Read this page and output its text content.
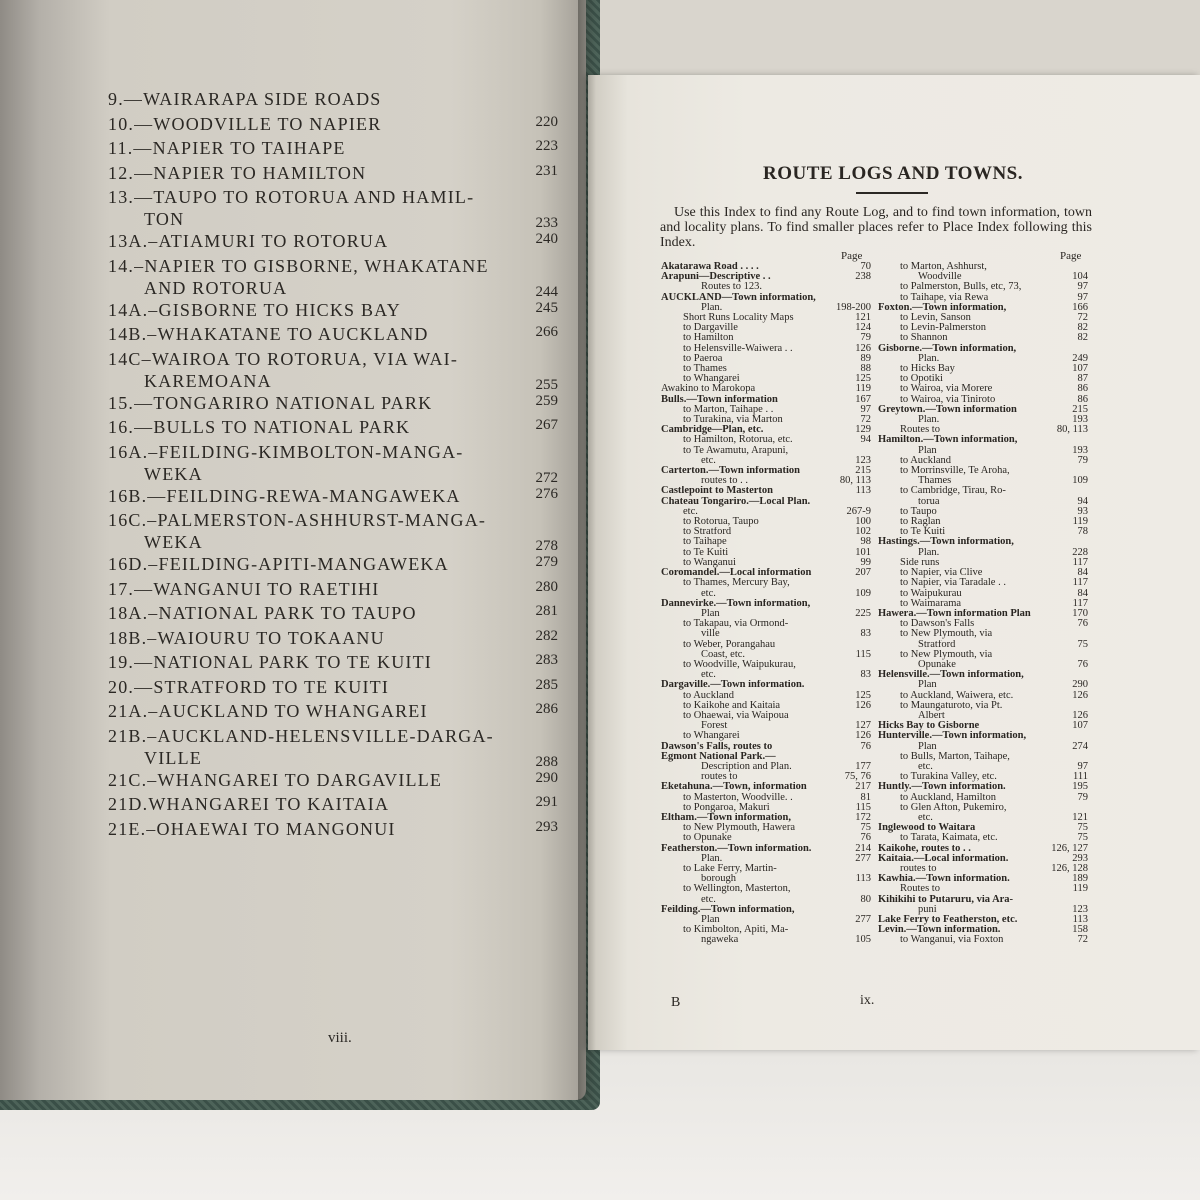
9.—WAIRARAPA SIDE ROADS
10.—WOODVILLE TO NAPIER	220
11.—NAPIER TO TAIHAPE	223
12.—NAPIER TO HAMILTON	231
13.—TAUPO TO ROTORUA AND HAMIL-
TON	233
13A.–ATIAMURI TO ROTORUA	240
14.–NAPIER TO GISBORNE, WHAKATANE
AND ROTORUA	244
14A.–GISBORNE TO HICKS BAY	245
14B.–WHAKATANE TO AUCKLAND	266
14C–WAIROA TO ROTORUA, VIA WAI-
KAREMOANA	255
15.—TONGARIRO NATIONAL PARK	259
16.—BULLS TO NATIONAL PARK	267
16A.–FEILDING-KIMBOLTON-MANGA-
WEKA	272
16B.—FEILDING-REWA-MANGAWEKA	276
16C.–PALMERSTON-ASHHURST-MANGA-
WEKA	278
16D.–FEILDING-APITI-MANGAWEKA	279
17.—WANGANUI TO RAETIHI	280
18A.–NATIONAL PARK TO TAUPO	281
18B.–WAIOURU TO TOKAANU	282
19.—NATIONAL PARK TO TE KUITI	283
20.—STRATFORD TO TE KUITI	285
21A.–AUCKLAND TO WHANGAREI	286
21B.–AUCKLAND-HELENSVILLE-DARGA-
VILLE	288
21C.–WHANGAREI TO DARGAVILLE	290
21D.WHANGAREI TO KAITAIA	291
21E.–OHAEWAI TO MANGONUI	293
viii.
ROUTE LOGS AND TOWNS.
Use this Index to find any Route Log, and to find town information, town and locality plans. To find smaller places refer to Place Index following this Index.
Page	Page
Akatarawa Road . . . .	70
Arapuni—Descriptive . .	238
Routes to 123.
AUCKLAND—Town information,
Plan.	198-200
Short Runs Locality Maps	121
to Dargaville	124
to Hamilton	79
to Helensville-Waiwera . .	126
to Paeroa	89
to Thames	88
to Whangarei	125
Awakino to Marokopa	119
Bulls.—Town information	167
to Marton, Taihape . .	97
to Turakina, via Marton	72
Cambridge—Plan, etc.	129
to Hamilton, Rotorua, etc.	94
to Te Awamutu, Arapuni,
etc.	123
Carterton.—Town information	215
routes to . .	80, 113
Castlepoint to Masterton	113
Chateau Tongariro.—Local Plan.
etc.	267-9
to Rotorua, Taupo	100
to Stratford	102
to Taihape	98
to Te Kuiti	101
to Wanganui	99
Coromandel.—Local information	207
to Thames, Mercury Bay,
etc.	109
Dannevirke.—Town information,
Plan	225
to Takapau, via Ormond-
ville	83
to Weber, Porangahau
Coast, etc.	115
to Woodville, Waipukurau,
etc.	83
Dargaville.—Town information.
to Auckland	125
to Kaikohe and Kaitaia	126
to Ohaewai, via Waipoua
Forest	127
to Whangarei	126
Dawson's Falls, routes to	76
Egmont National Park.—
Description and Plan.	177
routes to	75, 76
Eketahuna.—Town, information	217
to Masterton, Woodville. .	81
to Pongaroa, Makuri	115
Eltham.—Town information,	172
to New Plymouth, Hawera	75
to Opunake	76
Featherston.—Town information.	214
Plan.	277
to Lake Ferry, Martin-
borough	113
to Wellington, Masterton,
etc.	80
Feilding.—Town information,
Plan	277
to Kimbolton, Apiti, Ma-
ngaweka	105
to Marton, Ashhurst,
Woodville	104
to Palmerston, Bulls, etc, 73,	97
to Taihape, via Rewa	97
Foxton.—Town information,	166
to Levin, Sanson	72
to Levin-Palmerston	82
to Shannon	82
Gisborne.—Town information,
Plan.	249
to Hicks Bay	107
to Opotiki	87
to Wairoa, via Morere	86
to Wairoa, via Tiniroto	86
Greytown.—Town information	215
Plan.	193
Routes to	80, 113
Hamilton.—Town information,
Plan	193
to Auckland	79
to Morrinsville, Te Aroha,
Thames	109
to Cambridge, Tirau, Ro-
torua	94
to Taupo	93
to Raglan	119
to Te Kuiti	78
Hastings.—Town information,
Plan.	228
Side runs	117
to Napier, via Clive	84
to Napier, via Taradale . .	117
to Waipukurau	84
to Waimarama	117
Hawera.—Town information Plan	170
to Dawson's Falls	76
to New Plymouth, via
Stratford	75
to New Plymouth, via
Opunake	76
Helensville.—Town information,
Plan	290
to Auckland, Waiwera, etc.	126
to Maungaturoto, via Pt.
Albert	126
Hicks Bay to Gisborne	107
Hunterville.—Town information,
Plan	274
to Bulls, Marton, Taihape,
etc.	97
to Turakina Valley, etc.	111
Huntly.—Town information.	195
to Auckland, Hamilton	79
to Glen Afton, Pukemiro,
etc.	121
Inglewood to Waitara	75
to Tarata, Kaimata, etc.	75
Kaikohe, routes to . .	126, 127
Kaitaia.—Local information.	293
routes to	126, 128
Kawhia.—Town information.	189
Routes to	119
Kihikihi to Putaruru, via Ara-
puni	123
Lake Ferry to Featherston, etc.	113
Levin.—Town information.	158
to Wanganui, via Foxton	72
B	ix.
